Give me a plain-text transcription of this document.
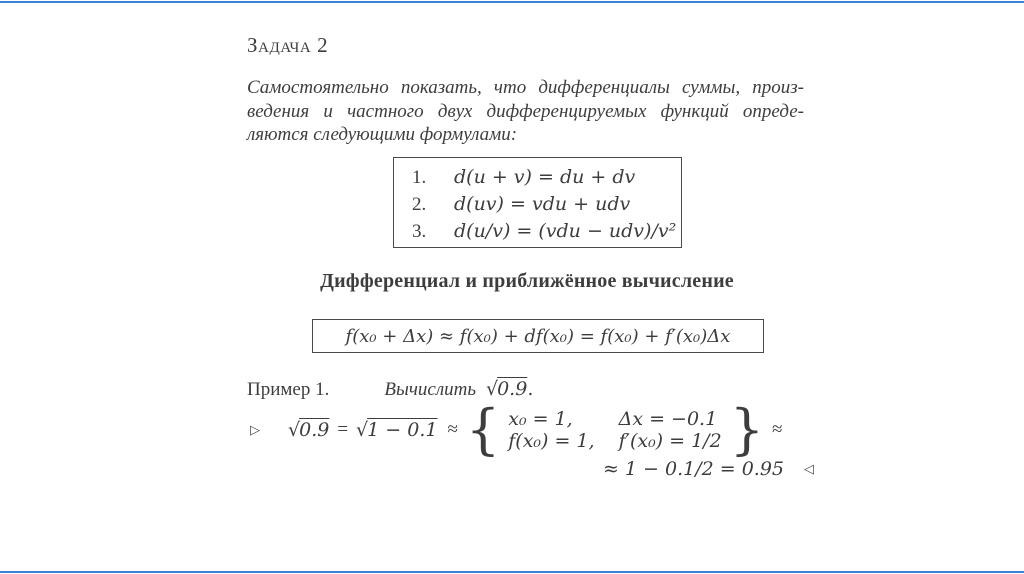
Задача 2
Самостоятельно показать, что дифференциалы суммы, произ-
ведения и частного двух дифференцируемых функций опреде-
ляются следующими формулами:
1.	d(u + v) = du + dv
2.	d(uv) = vdu + udv
3.	d(u/v) = (vdu − udv)/v²
Дифференциал и приближённое вычисление
f(x₀ + Δx) ≈ f(x₀) + df(x₀) = f(x₀) + f′(x₀)Δx
Пример 1.	Вычислить √0.9.
▷ √0.9 = √1 − 0.1 ≈ { x₀ = 1,	Δx = −0.1
f(x₀) = 1, f′(x₀) = 1/2 } ≈
≈ 1 − 0.1/2 = 0.95 ◁
